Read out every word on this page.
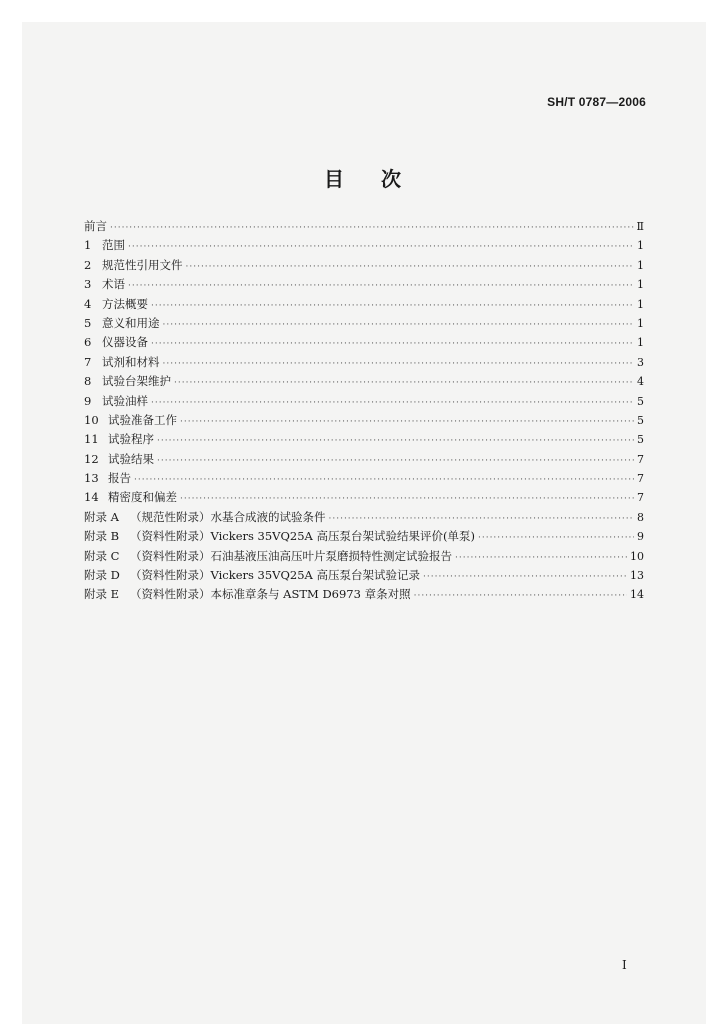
SH/T 0787—2006
目 次
前言 ·····	Ⅱ
1 范围 ·····	1
2 规范性引用文件 ·····	1
3 术语 ·····	1
4 方法概要 ·····	1
5 意义和用途 ·····	1
6 仪器设备 ·····	1
7 试剂和材料 ·····	3
8 试验台架维护 ·····	4
9 试验油样 ·····	5
10 试验准备工作 ·····	5
11 试验程序 ·····	5
12 试验结果 ·····	7
13 报告 ·····	7
14 精密度和偏差 ·····	7
附录 A （规范性附录）水基合成液的试验条件 ·····	8
附录 B （资料性附录）Vickers 35VQ25A 高压泵台架试验结果评价(单泵) ·····	9
附录 C （资料性附录）石油基液压油高压叶片泵磨损特性测定试验报告 ·····	10
附录 D （资料性附录）Vickers 35VQ25A 高压泵台架试验记录 ·····	13
附录 E （资料性附录）本标准章条与 ASTM D6973 章条对照 ·····	14
I
